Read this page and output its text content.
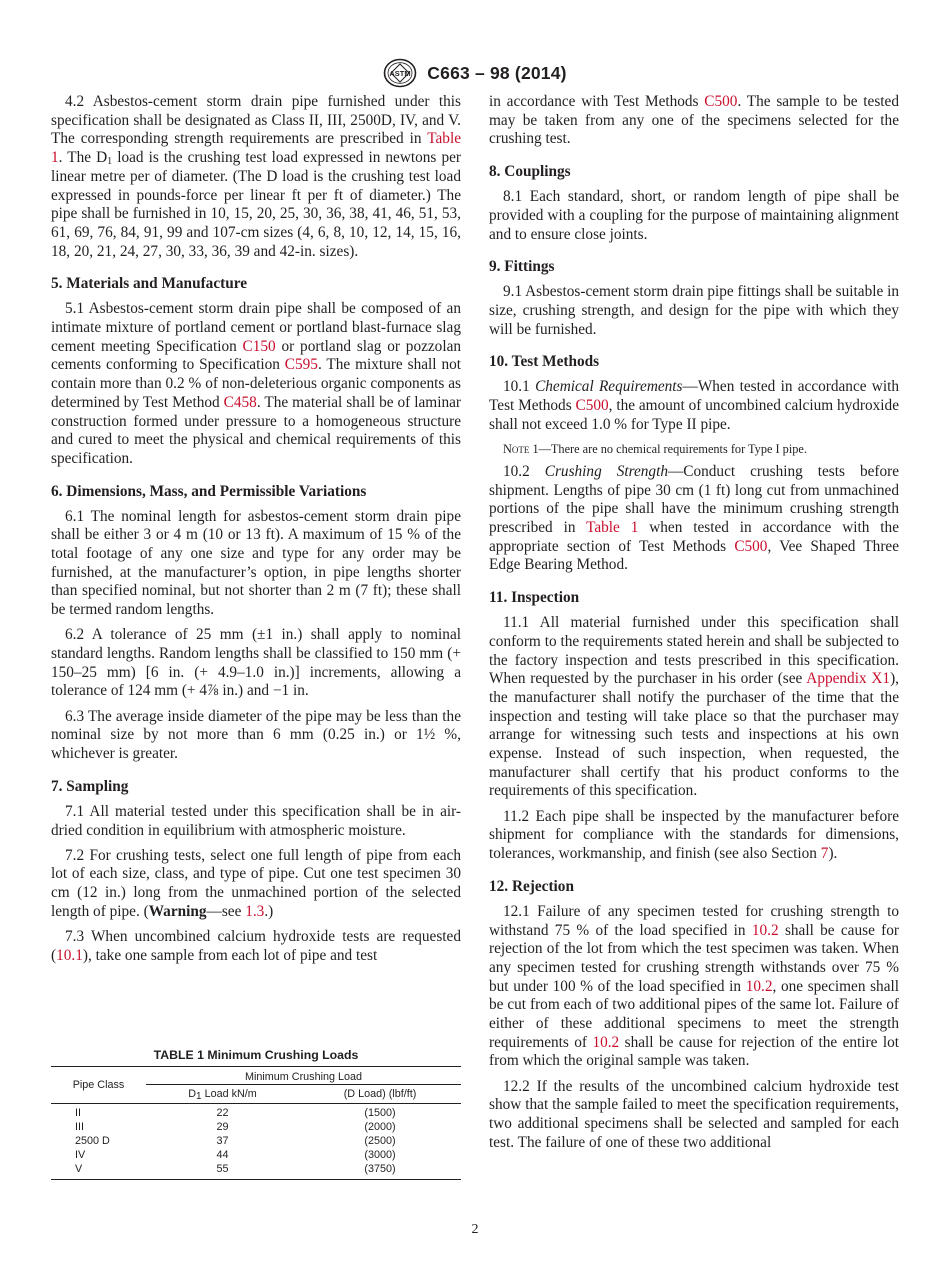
ASTM C663 – 98 (2014)

4.2 Asbestos-cement storm drain pipe furnished under this specification shall be designated as Class II, III, 2500D, IV, and V. The corresponding strength requirements are prescribed in Table 1. The $D_1$ load is the crushing test load expressed in newtons per linear metre per of diameter. (The D load is the crushing test load expressed in pounds-force per linear ft per ft of diameter.) The pipe shall be furnished in 10, 15, 20, 25, 30, 36, 38, 41, 46, 51, 53, 61, 69, 76, 84, 91, 99 and 107-cm sizes (4, 6, 8, 10, 12, 14, 15, 16, 18, 20, 21, 24, 27, 30, 33, 36, 39 and 42-in. sizes).

5. Materials and Manufacture

5.1 Asbestos-cement storm drain pipe shall be composed of an intimate mixture of portland cement or portland blast-furnace slag cement meeting Specification C150 or portland slag or pozzolan cements conforming to Specification C595. The mixture shall not contain more than 0.2 % of non-deleterious organic components as determined by Test Method C458. The material shall be of laminar construction formed under pressure to a homogeneous structure and cured to meet the physical and chemical requirements of this specification.

6. Dimensions, Mass, and Permissible Variations

6.1 The nominal length for asbestos-cement storm drain pipe shall be either 3 or 4 m (10 or 13 ft). A maximum of 15 % of the total footage of any one size and type for any order may be furnished, at the manufacturer’s option, in pipe lengths shorter than specified nominal, but not shorter than 2 m (7 ft); these shall be termed random lengths.

6.2 A tolerance of 25 mm (±1 in.) shall apply to nominal standard lengths. Random lengths shall be classified to 150 mm (+ 150–25 mm) [6 in. (+ 4.9–1.0 in.)] increments, allowing a tolerance of 124 mm (+ 4⅞ in.) and −1 in.

6.3 The average inside diameter of the pipe may be less than the nominal size by not more than 6 mm (0.25 in.) or 1½ %, whichever is greater.

7. Sampling

7.1 All material tested under this specification shall be in air-dried condition in equilibrium with atmospheric moisture.

7.2 For crushing tests, select one full length of pipe from each lot of each size, class, and type of pipe. Cut one test specimen 30 cm (12 in.) long from the unmachined portion of the selected length of pipe. (Warning—see 1.3.)

7.3 When uncombined calcium hydroxide tests are requested (10.1), take one sample from each lot of pipe and test

TABLE 1 Minimum Crushing Loads
Pipe Class	Minimum Crushing Load	
	$D_1$ Load kN/m	(D Load) (lbf/ft)
II	22	(1500)
III	29	(2000)
2500 D	37	(2500)
IV	44	(3000)
V	55	(3750)

in accordance with Test Methods C500. The sample to be tested may be taken from any one of the specimens selected for the crushing test.

8. Couplings

8.1 Each standard, short, or random length of pipe shall be provided with a coupling for the purpose of maintaining alignment and to ensure close joints.

9. Fittings

9.1 Asbestos-cement storm drain pipe fittings shall be suitable in size, crushing strength, and design for the pipe with which they will be furnished.

10. Test Methods

10.1 Chemical Requirements—When tested in accordance with Test Methods C500, the amount of uncombined calcium hydroxide shall not exceed 1.0 % for Type II pipe.

Note 1—There are no chemical requirements for Type I pipe.

10.2 Crushing Strength—Conduct crushing tests before shipment. Lengths of pipe 30 cm (1 ft) long cut from unmachined portions of the pipe shall have the minimum crushing strength prescribed in Table 1 when tested in accordance with the appropriate section of Test Methods C500, Vee Shaped Three Edge Bearing Method.

11. Inspection

11.1 All material furnished under this specification shall conform to the requirements stated herein and shall be subjected to the factory inspection and tests prescribed in this specification. When requested by the purchaser in his order (see Appendix X1), the manufacturer shall notify the purchaser of the time that the inspection and testing will take place so that the purchaser may arrange for witnessing such tests and inspections at his own expense. Instead of such inspection, when requested, the manufacturer shall certify that his product conforms to the requirements of this specification.

11.2 Each pipe shall be inspected by the manufacturer before shipment for compliance with the standards for dimensions, tolerances, workmanship, and finish (see also Section 7).

12. Rejection

12.1 Failure of any specimen tested for crushing strength to withstand 75 % of the load specified in 10.2 shall be cause for rejection of the lot from which the test specimen was taken. When any specimen tested for crushing strength withstands over 75 % but under 100 % of the load specified in 10.2, one specimen shall be cut from each of two additional pipes of the same lot. Failure of either of these additional specimens to meet the strength requirements of 10.2 shall be cause for rejection of the entire lot from which the original sample was taken.

12.2 If the results of the uncombined calcium hydroxide test show that the sample failed to meet the specification requirements, two additional specimens shall be selected and sampled for each test. The failure of one of these two additional

2
